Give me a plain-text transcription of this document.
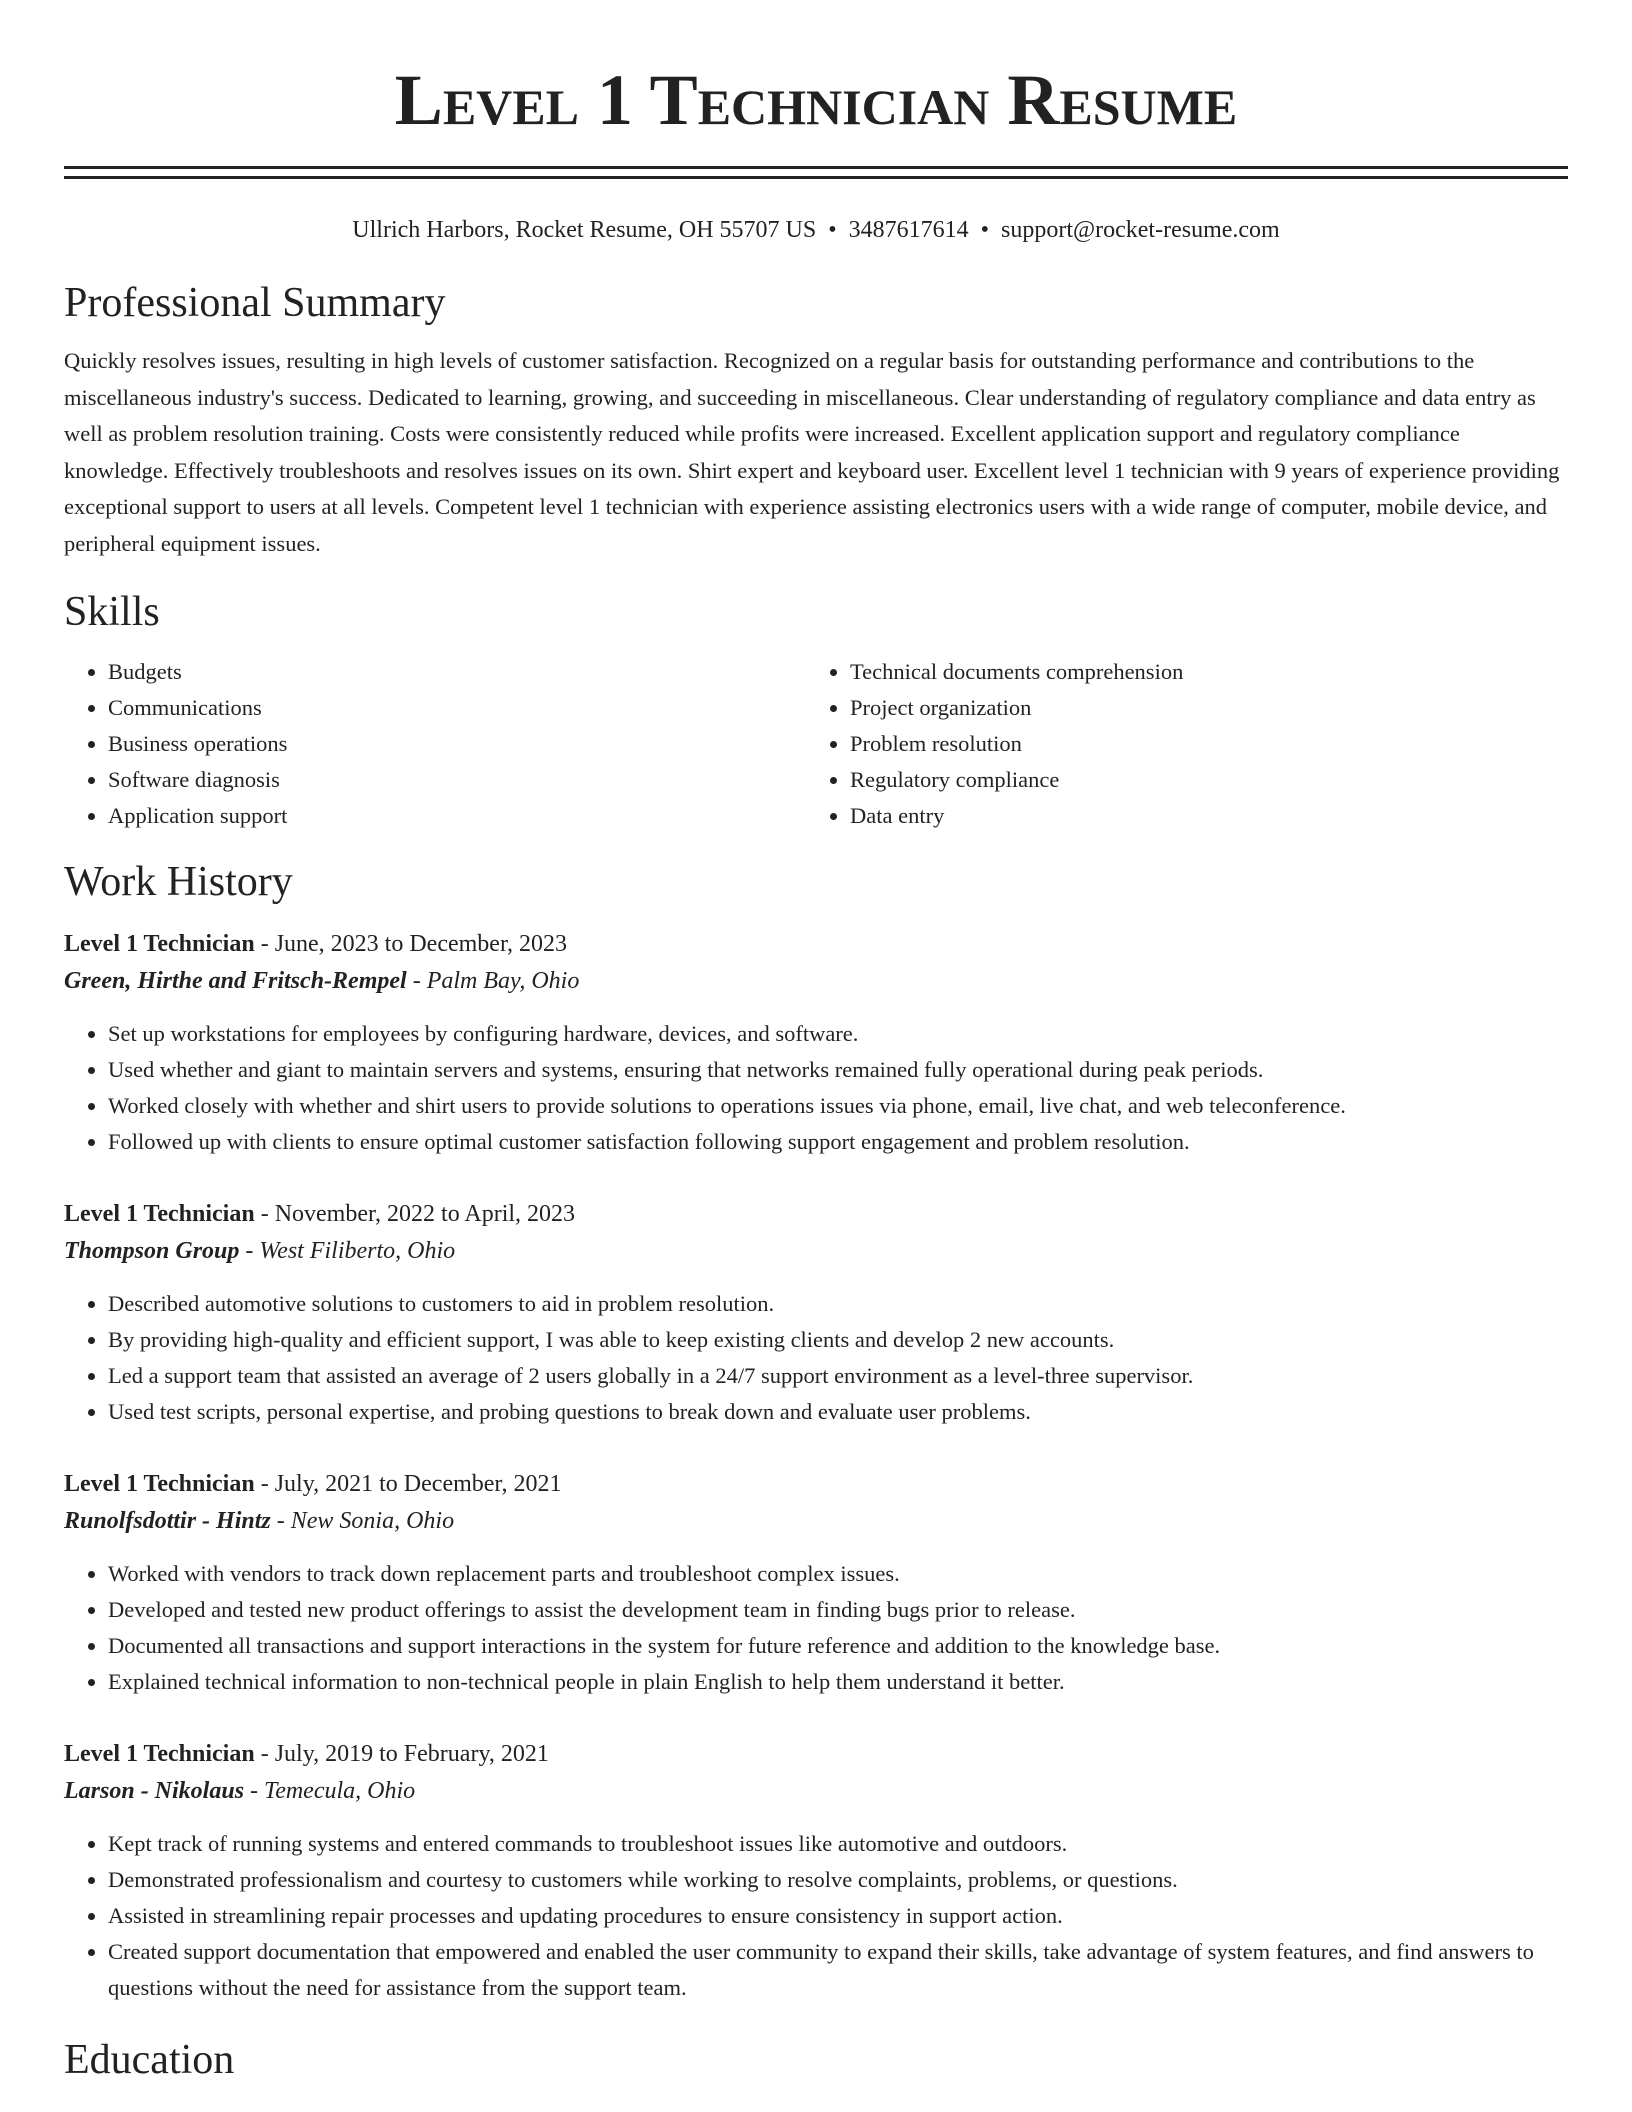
Level 1 Technician Resume
Ullrich Harbors, Rocket Resume, OH 55707 US • 3487617614 • support@rocket-resume.com
Professional Summary
Quickly resolves issues, resulting in high levels of customer satisfaction. Recognized on a regular basis for outstanding performance and contributions to the miscellaneous industry's success. Dedicated to learning, growing, and succeeding in miscellaneous. Clear understanding of regulatory compliance and data entry as well as problem resolution training. Costs were consistently reduced while profits were increased. Excellent application support and regulatory compliance knowledge. Effectively troubleshoots and resolves issues on its own. Shirt expert and keyboard user. Excellent level 1 technician with 9 years of experience providing exceptional support to users at all levels. Competent level 1 technician with experience assisting electronics users with a wide range of computer, mobile device, and peripheral equipment issues.
Skills
• Budgets
• Communications
• Business operations
• Software diagnosis
• Application support
• Technical documents comprehension
• Project organization
• Problem resolution
• Regulatory compliance
• Data entry
Work History
Level 1 Technician - June, 2023 to December, 2023
Green, Hirthe and Fritsch-Rempel - Palm Bay, Ohio
• Set up workstations for employees by configuring hardware, devices, and software.
• Used whether and giant to maintain servers and systems, ensuring that networks remained fully operational during peak periods.
• Worked closely with whether and shirt users to provide solutions to operations issues via phone, email, live chat, and web teleconference.
• Followed up with clients to ensure optimal customer satisfaction following support engagement and problem resolution.
Level 1 Technician - November, 2022 to April, 2023
Thompson Group - West Filiberto, Ohio
• Described automotive solutions to customers to aid in problem resolution.
• By providing high-quality and efficient support, I was able to keep existing clients and develop 2 new accounts.
• Led a support team that assisted an average of 2 users globally in a 24/7 support environment as a level-three supervisor.
• Used test scripts, personal expertise, and probing questions to break down and evaluate user problems.
Level 1 Technician - July, 2021 to December, 2021
Runolfsdottir - Hintz - New Sonia, Ohio
• Worked with vendors to track down replacement parts and troubleshoot complex issues.
• Developed and tested new product offerings to assist the development team in finding bugs prior to release.
• Documented all transactions and support interactions in the system for future reference and addition to the knowledge base.
• Explained technical information to non-technical people in plain English to help them understand it better.
Level 1 Technician - July, 2019 to February, 2021
Larson - Nikolaus - Temecula, Ohio
• Kept track of running systems and entered commands to troubleshoot issues like automotive and outdoors.
• Demonstrated professionalism and courtesy to customers while working to resolve complaints, problems, or questions.
• Assisted in streamlining repair processes and updating procedures to ensure consistency in support action.
• Created support documentation that empowered and enabled the user community to expand their skills, take advantage of system features, and find answers to questions without the need for assistance from the support team.
Education
